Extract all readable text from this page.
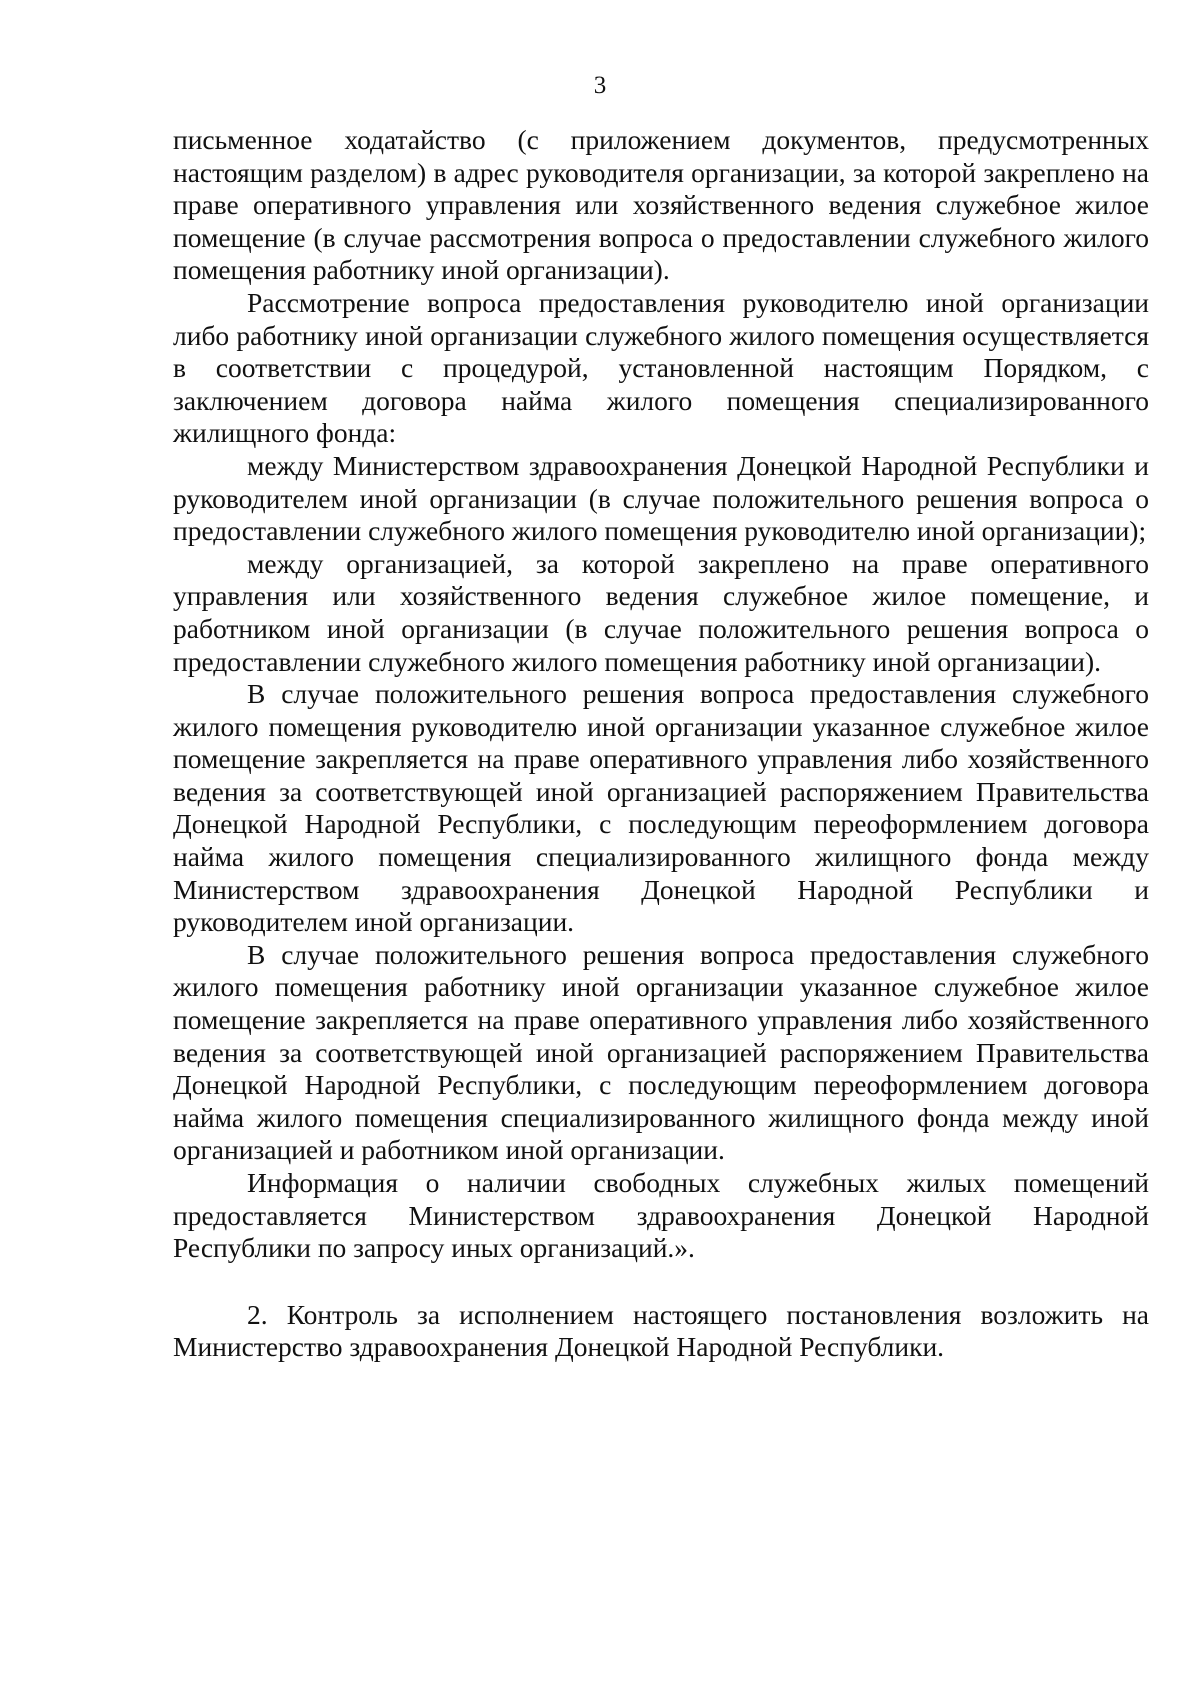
3

письменное ходатайство (с приложением документов, предусмотренных настоящим разделом) в адрес руководителя организации, за которой закреплено на праве оперативного управления или хозяйственного ведения служебное жилое помещение (в случае рассмотрения вопроса о предоставлении служебного жилого помещения работнику иной организации).

Рассмотрение вопроса предоставления руководителю иной организации либо работнику иной организации служебного жилого помещения осуществляется в соответствии с процедурой, установленной настоящим Порядком, с заключением договора найма жилого помещения специализированного жилищного фонда:

между Министерством здравоохранения Донецкой Народной Республики и руководителем иной организации (в случае положительного решения вопроса о предоставлении служебного жилого помещения руководителю иной организации);

между организацией, за которой закреплено на праве оперативного управления или хозяйственного ведения служебное жилое помещение, и работником иной организации (в случае положительного решения вопроса о предоставлении служебного жилого помещения работнику иной организации).

В случае положительного решения вопроса предоставления служебного жилого помещения руководителю иной организации указанное служебное жилое помещение закрепляется на праве оперативного управления либо хозяйственного ведения за соответствующей иной организацией распоряжением Правительства Донецкой Народной Республики, с последующим переоформлением договора найма жилого помещения специализированного жилищного фонда между Министерством здравоохранения Донецкой Народной Республики и руководителем иной организации.

В случае положительного решения вопроса предоставления служебного жилого помещения работнику иной организации указанное служебное жилое помещение закрепляется на праве оперативного управления либо хозяйственного ведения за соответствующей иной организацией распоряжением Правительства Донецкой Народной Республики, с последующим переоформлением договора найма жилого помещения специализированного жилищного фонда между иной организацией и работником иной организации.

Информация о наличии свободных служебных жилых помещений предоставляется Министерством здравоохранения Донецкой Народной Республики по запросу иных организаций.».

2. Контроль за исполнением настоящего постановления возложить на Министерство здравоохранения Донецкой Народной Республики.
